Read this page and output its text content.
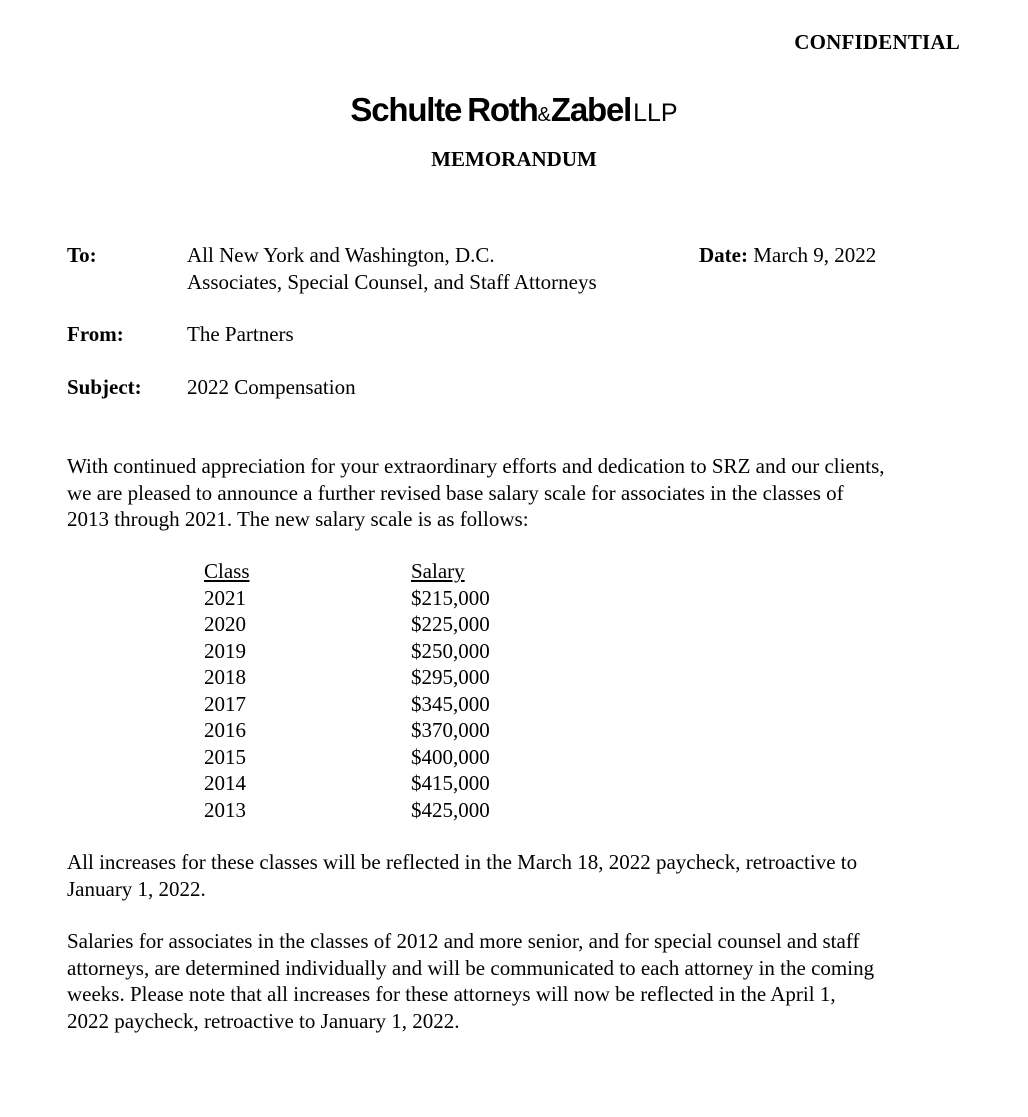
CONFIDENTIAL
Schulte Roth&ZabelLLP
MEMORANDUM
To:	All New York and Washington, D.C.
Associates, Special Counsel, and Staff Attorneys
Date: March 9, 2022
From:	The Partners
Subject: 2022 Compensation
With continued appreciation for your extraordinary efforts and dedication to SRZ and our clients,
we are pleased to announce a further revised base salary scale for associates in the classes of
2013 through 2021. The new salary scale is as follows:
Class	Salary
2021	$215,000
2020	$225,000
2019	$250,000
2018	$295,000
2017	$345,000
2016	$370,000
2015	$400,000
2014	$415,000
2013	$425,000
All increases for these classes will be reflected in the March 18, 2022 paycheck, retroactive to
January 1, 2022.
Salaries for associates in the classes of 2012 and more senior, and for special counsel and staff
attorneys, are determined individually and will be communicated to each attorney in the coming
weeks. Please note that all increases for these attorneys will now be reflected in the April 1,
2022 paycheck, retroactive to January 1, 2022.
